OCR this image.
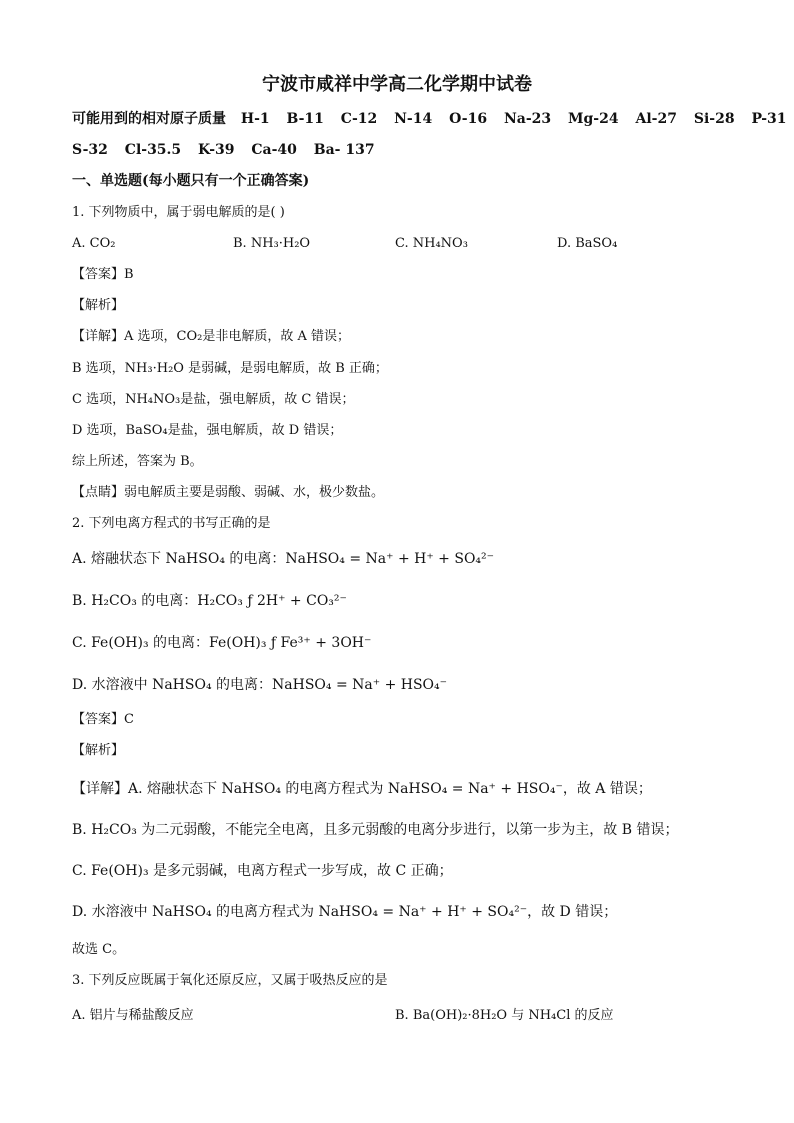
宁波市咸祥中学高二化学期中试卷
可能用到的相对原子质量 H-1 B-11 C-12 N-14 O-16 Na-23 Mg-24 Al-27 Si-28 P-31
S-32 Cl-35.5 K-39 Ca-40 Ba- 137
一、单选题(每小题只有一个正确答案)
1. 下列物质中，属于弱电解质的是( )
A. CO₂	B. NH₃·H₂O	C. NH₄NO₃	D. BaSO₄
【答案】B
【解析】
【详解】A 选项，CO₂是非电解质，故 A 错误；
B 选项，NH₃·H₂O 是弱碱，是弱电解质，故 B 正确；
C 选项，NH₄NO₃是盐，强电解质，故 C 错误；
D 选项，BaSO₄是盐，强电解质，故 D 错误；
综上所述，答案为 B。
【点睛】弱电解质主要是弱酸、弱碱、水，极少数盐。
2. 下列电离方程式的书写正确的是
A. 熔融状态下 NaHSO₄ 的电离：NaHSO₄ = Na⁺ + H⁺ + SO₄²⁻
B. H₂CO₃ 的电离：H₂CO₃ ƒ 2H⁺ + CO₃²⁻
C. Fe(OH)₃ 的电离：Fe(OH)₃ ƒ Fe³⁺ + 3OH⁻
D. 水溶液中 NaHSO₄ 的电离：NaHSO₄ = Na⁺ + HSO₄⁻
【答案】C
【解析】
【详解】A. 熔融状态下 NaHSO₄ 的电离方程式为 NaHSO₄ = Na⁺ + HSO₄⁻，故 A 错误；
B. H₂CO₃ 为二元弱酸，不能完全电离，且多元弱酸的电离分步进行，以第一步为主，故 B 错误；
C. Fe(OH)₃ 是多元弱碱，电离方程式一步写成，故 C 正确；
D. 水溶液中 NaHSO₄ 的电离方程式为 NaHSO₄ = Na⁺ + H⁺ + SO₄²⁻，故 D 错误；
故选 C。
3. 下列反应既属于氧化还原反应，又属于吸热反应的是
A. 铝片与稀盐酸反应	B. Ba(OH)₂·8H₂O 与 NH₄Cl 的反应
